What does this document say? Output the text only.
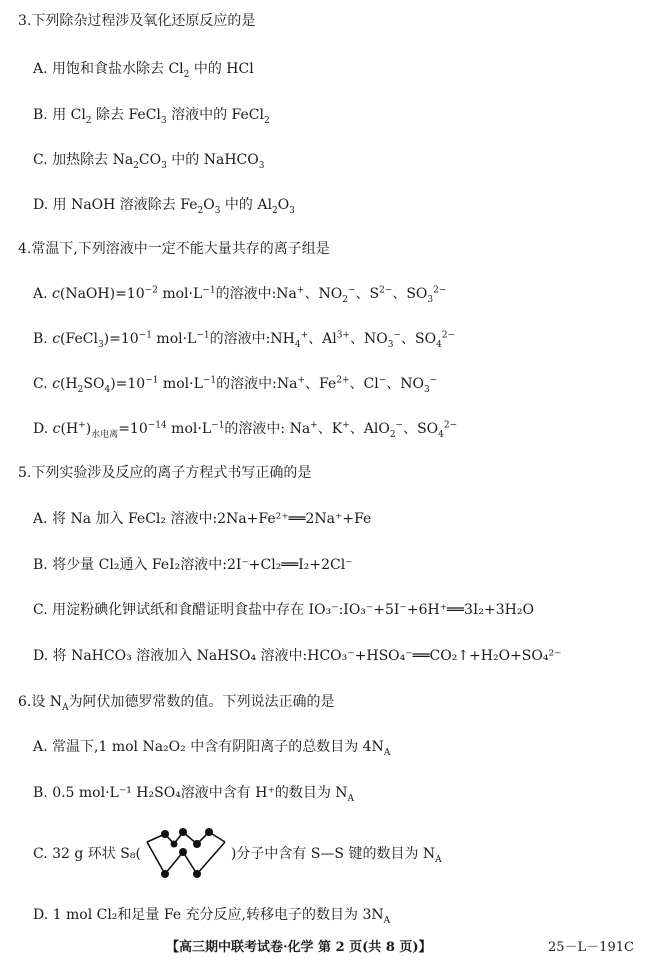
3.下列除杂过程涉及氧化还原反应的是
A. 用饱和食盐水除去 $Cl_2$ 中的 HCl
B. 用 $Cl_2$ 除去 FeCl$_3$ 溶液中的 FeCl$_2$
C. 加热除去 $Na_2CO_3$ 中的 NaHCO$_3$
D. 用 NaOH 溶液除去 $Fe_2O_3$ 中的 $Al_2O_3$
4.常温下,下列溶液中一定不能大量共存的离子组是
A. $c(NaOH)=10^{-2}$ $mol\cdot L^{-1}$的溶液中:Na+、$NO_2^-$、$S^{2-}$、$SO_3^{2-}$
B. $c(FeCl_3)=10^{-1}$ $mol\cdot L^{-1}$的溶液中$:NH_4^+$、$Al^{3+}$、$NO_3^-$、$SO_4^{2-}$
C. $c(H_2SO_4)=10^{-1}$ $mol\cdot L^{-1}$的溶液中:Na+、$Fe^{2+}$、Cl−、$NO_3^-$
D. $c(H^+)_{水电离}=10^{-14}$ $mol\cdot L^{-1}$的溶液中: Na+、K+、AlO$_2$−、$SO_4^{2-}$
5.下列实验涉及反应的离子方程式书写正确的是
A. 将 Na 加入 FeCl₂ 溶液中:2Na+Fe²⁺══2Na⁺+Fe
B. 将少量 Cl₂通入 FeI₂溶液中:2I⁻+Cl₂══I₂+2Cl⁻
C. 用淀粉碘化钾试纸和食醋证明食盐中存在 IO₃⁻:IO₃⁻+5I⁻+6H⁺══3I₂+3H₂O
D. 将 NaHCO₃ 溶液加入 NaHSO₄ 溶液中:HCO₃⁻+HSO₄⁻══CO₂↑+H₂O+SO₄²⁻
6.设 $N_A$为阿伏加德罗常数的值。下列说法正确的是
A. 常温下,1 mol Na₂O₂ 中含有阴阳离子的总数目为 $4N_A$
B. 0.5 mol·L⁻¹ H₂SO₄溶液中含有 H⁺的数目为 $N_A$
C. 32 g 环状 S₈(	)分子中含有 S—S 键的数目为 $N_A$
D. 1 mol Cl₂和足量 Fe 充分反应,转移电子的数目为 $3N_A$
【高三期中联考试卷·化学 第 2 页(共 8 页)】	25－L－191C
